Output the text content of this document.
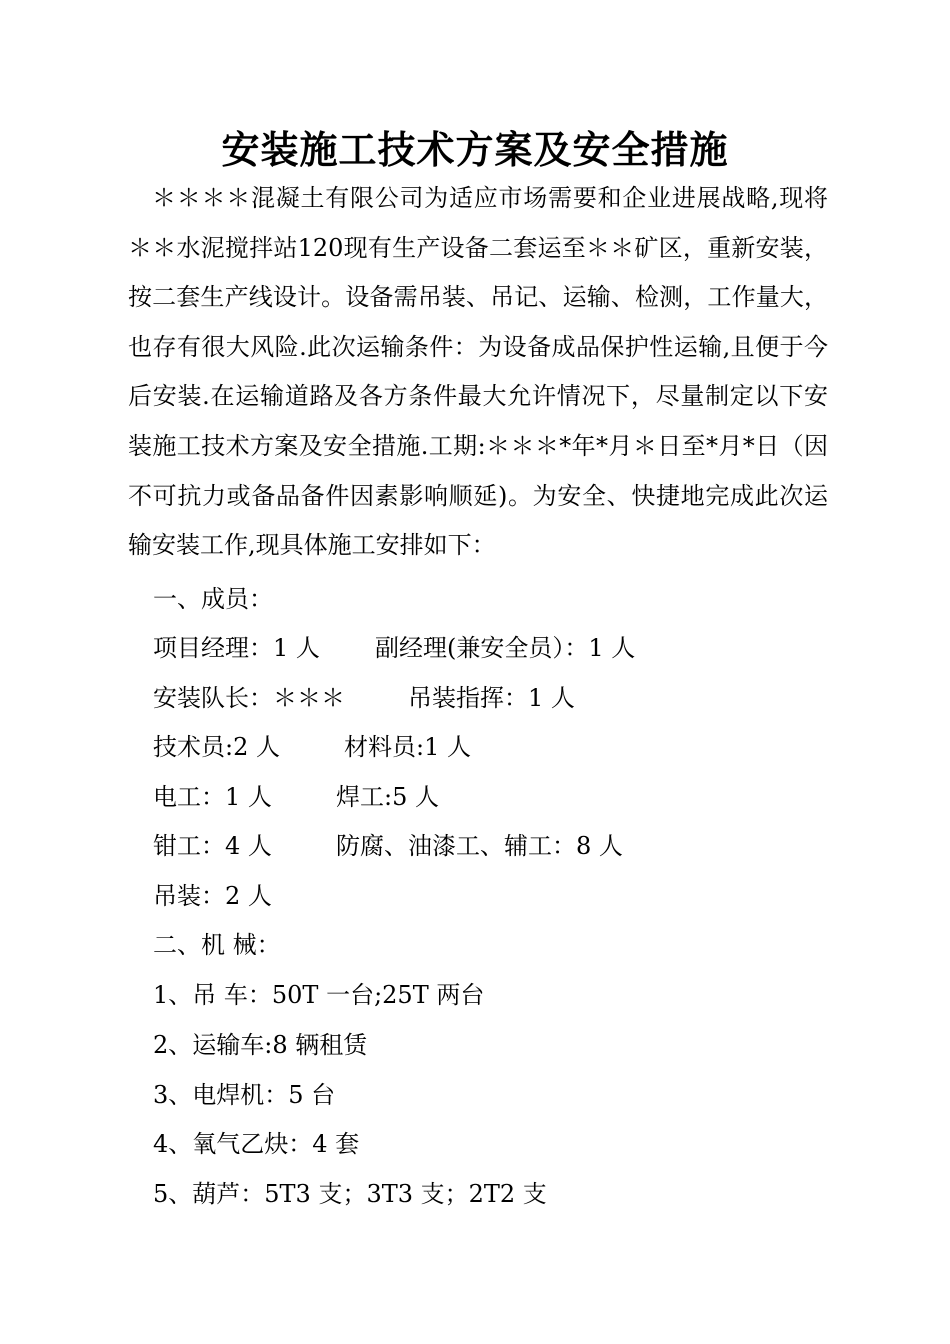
安装施工技术方案及安全措施
＊＊＊＊混凝土有限公司为适应市场需要和企业进展战略,现将＊＊水泥搅拌站120现有生产设备二套运至＊＊矿区，重新安装，按二套生产线设计。设备需吊装、吊记、运输、检测，工作量大，也存有很大风险.此次运输条件：为设备成品保护性运输,且便于今后安装.在运输道路及各方条件最大允许情况下，尽量制定以下安装施工技术方案及安全措施.工期:＊＊＊*年*月＊日至*月*日（因不可抗力或备品备件因素影响顺延)。为安全、快捷地完成此次运输安装工作,现具体施工安排如下：
一、成员：
项目经理：1 人 副经理(兼安全员）：1 人
安装队长：＊＊＊	吊装指挥：1 人
技术员:2 人	材料员:1 人
电工：1 人	焊工:5 人
钳工：4 人	防腐、油漆工、辅工：8 人
吊装：2 人
二、机 械：
1、吊 车：50T 一台;25T 两台
2、运输车:8 辆租赁
3、电焊机：5 台
4、氧气乙炔：4 套
5、葫芦：5T3 支；3T3 支；2T2 支
